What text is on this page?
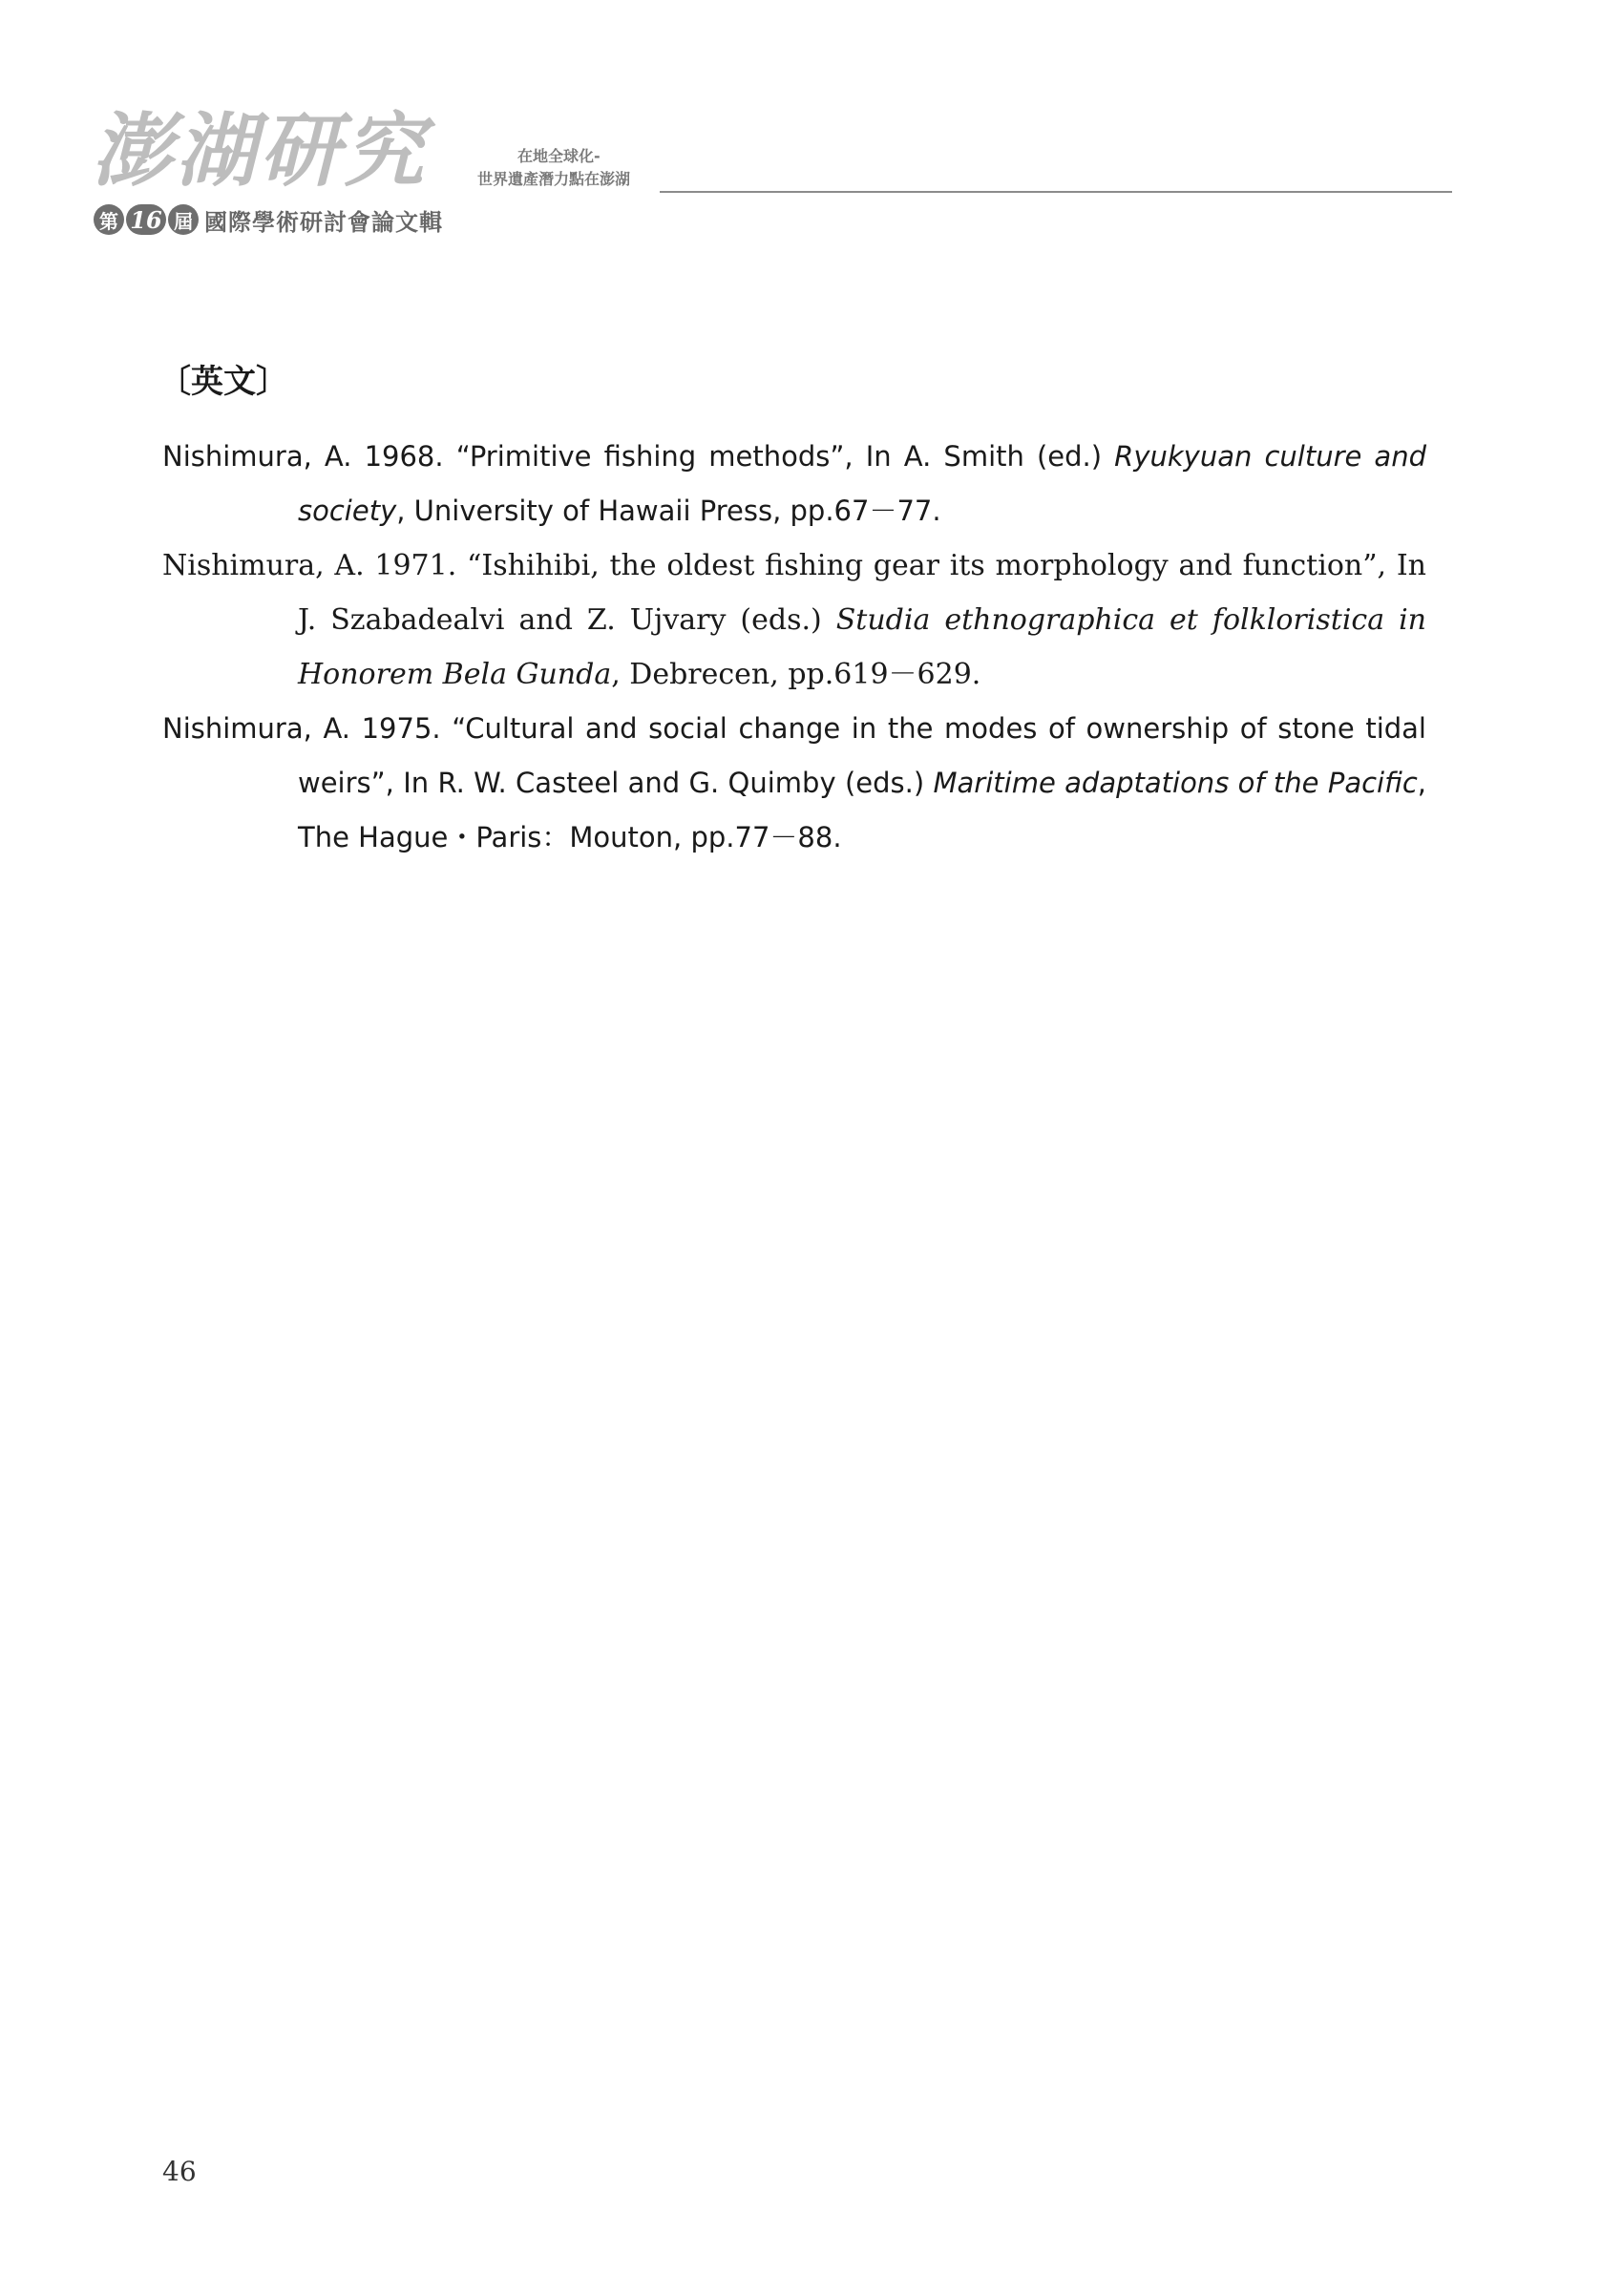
澎湖研究	在地全球化-
世界遺產潛力點在澎湖
第 16 屆 國際學術研討會論文輯
〔英文〕

Nishimura, A. 1968. “Primitive fishing methods”, In A. Smith (ed.) Ryukyuan culture and society, University of Hawaii Press, pp.67－77.

Nishimura, A. 1971. “Ishihibi, the oldest fishing gear its morphology and function”, In J. Szabadealvi and Z. Ujvary (eds.) Studia ethnographica et folkloristica in Honorem Bela Gunda, Debrecen, pp.619－629.

Nishimura, A. 1975. “Cultural and social change in the modes of ownership of stone tidal weirs”, In R. W. Casteel and G. Quimby (eds.) Maritime adaptations of the Pacific, The Hague・Paris：Mouton, pp.77－88.

46
